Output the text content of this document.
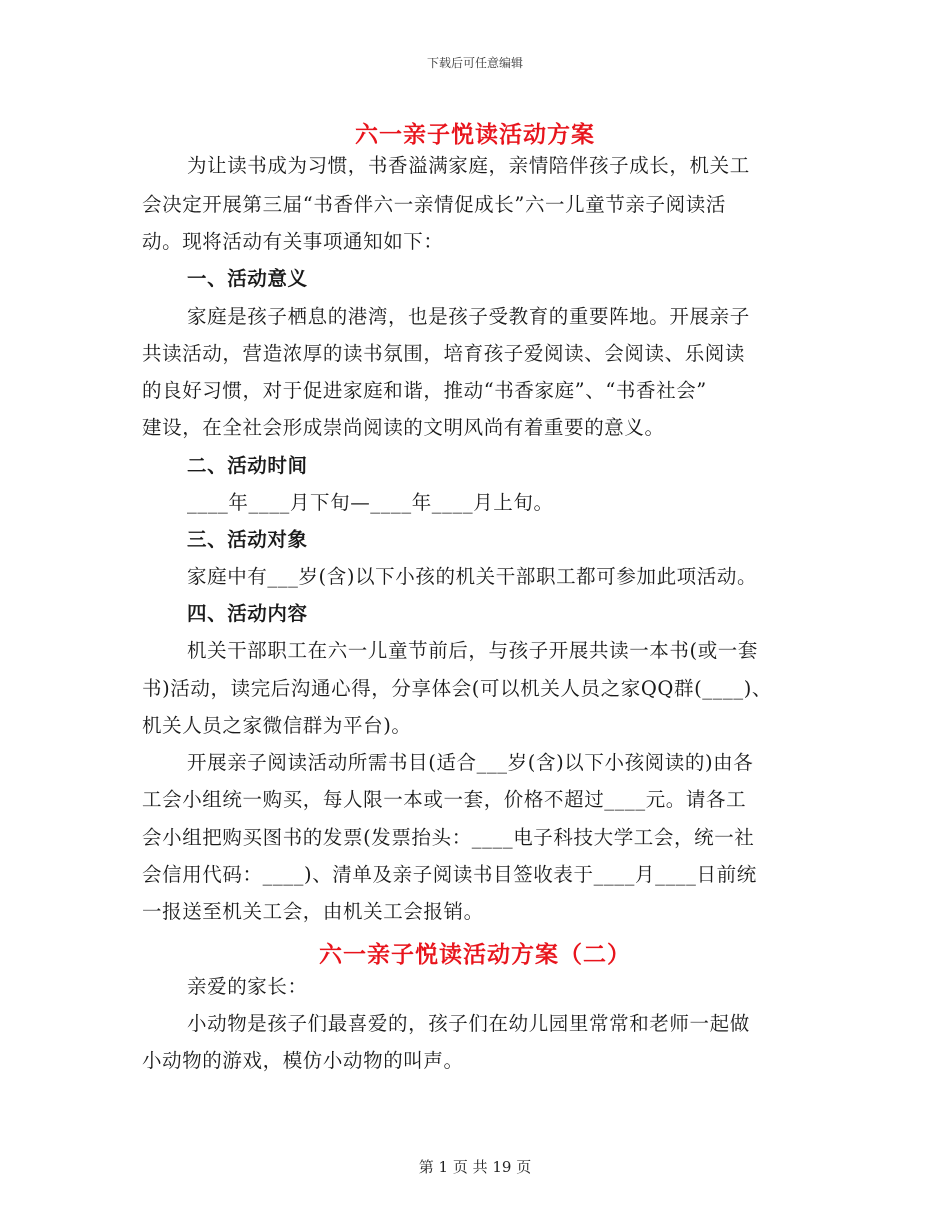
下载后可任意编辑
六一亲子悦读活动方案
为让读书成为习惯，书香溢满家庭，亲情陪伴孩子成长，机关工
会决定开展第三届“书香伴六一亲情促成长”六一儿童节亲子阅读活
动。现将活动有关事项通知如下：
一、活动意义
家庭是孩子栖息的港湾，也是孩子受教育的重要阵地。开展亲子
共读活动，营造浓厚的读书氛围，培育孩子爱阅读、会阅读、乐阅读
的良好习惯，对于促进家庭和谐，推动“书香家庭”、“书香社会”
建设，在全社会形成崇尚阅读的文明风尚有着重要的意义。
二、活动时间
____年____月下旬—____年____月上旬。
三、活动对象
家庭中有___岁(含)以下小孩的机关干部职工都可参加此项活动。
四、活动内容
机关干部职工在六一儿童节前后，与孩子开展共读一本书(或一套
书)活动，读完后沟通心得，分享体会(可以机关人员之家QQ群(____)、
机关人员之家微信群为平台)。
开展亲子阅读活动所需书目(适合___岁(含)以下小孩阅读的)由各
工会小组统一购买，每人限一本或一套，价格不超过____元。请各工
会小组把购买图书的发票(发票抬头：____电子科技大学工会，统一社
会信用代码：____)、清单及亲子阅读书目签收表于____月____日前统
一报送至机关工会，由机关工会报销。
六一亲子悦读活动方案（二）
亲爱的家长：
小动物是孩子们最喜爱的，孩子们在幼儿园里常常和老师一起做
小动物的游戏，模仿小动物的叫声。
第 1 页 共 19 页
